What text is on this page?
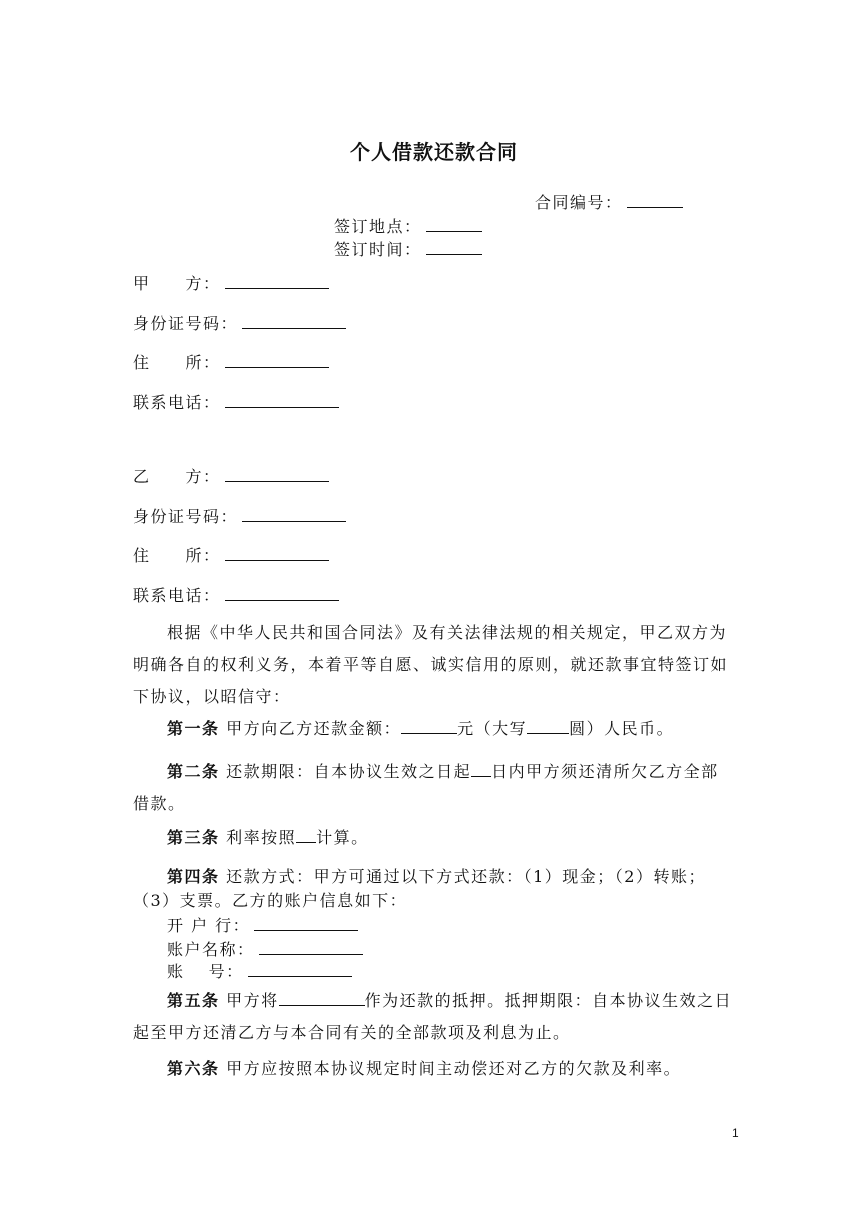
个人借款还款合同
合同编号：
签订地点：
签订时间：
甲　　方：
身份证号码：
住　　所：
联系电话：
乙　　方：
身份证号码：
住　　所：
联系电话：
根据《中华人民共和国合同法》及有关法律法规的相关规定，甲乙双方为明确各自的权利义务，本着平等自愿、诚实信用的原则，就还款事宜特签订如下协议，以昭信守：
第一条 甲方向乙方还款金额：	元（大写	圆）人民币。
第二条 还款期限：自本协议生效之日起 日内甲方须还清所欠乙方全部借款。
第三条 利率按照 计算。
第四条 还款方式：甲方可通过以下方式还款：（1）现金；（2）转账；（3）支票。乙方的账户信息如下：
开 户 行：
账户名称：
账　 号：
第五条 甲方将	作为还款的抵押。抵押期限：自本协议生效之日起至甲方还清乙方与本合同有关的全部款项及利息为止。
第六条 甲方应按照本协议规定时间主动偿还对乙方的欠款及利率。
1
